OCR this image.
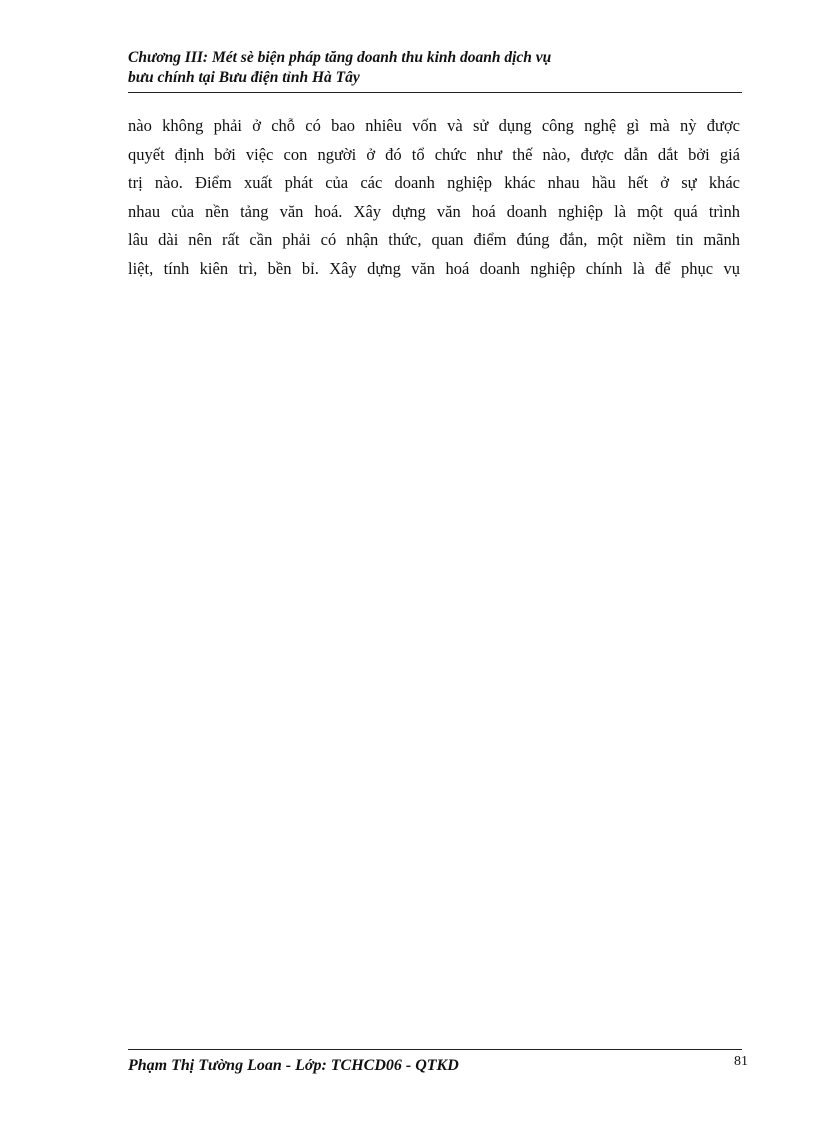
Chương III: Mét sè biện pháp tăng doanh thu kinh doanh dịch vụ
bưu chính tại Bưu điện tỉnh Hà Tây
nào không phải ở chỗ có bao nhiêu vốn và sử dụng công nghệ gì mà nỳ được
quyết định bởi việc con người ở đó tổ chức như thế nào, được dẫn dắt bởi giá
trị nào. Điểm xuất phát của các doanh nghiệp khác nhau hầu hết ở sự khác
nhau của nền tảng văn hoá. Xây dựng văn hoá doanh nghiệp là một quá trình
lâu dài nên rất cần phải có nhận thức, quan điểm đúng đắn, một niềm tin mãnh
liệt, tính kiên trì, bền bỉ. Xây dựng văn hoá doanh nghiệp chính là để phục vụ
Phạm Thị Tường Loan - Lớp: TCHCD06 - QTKD	81
